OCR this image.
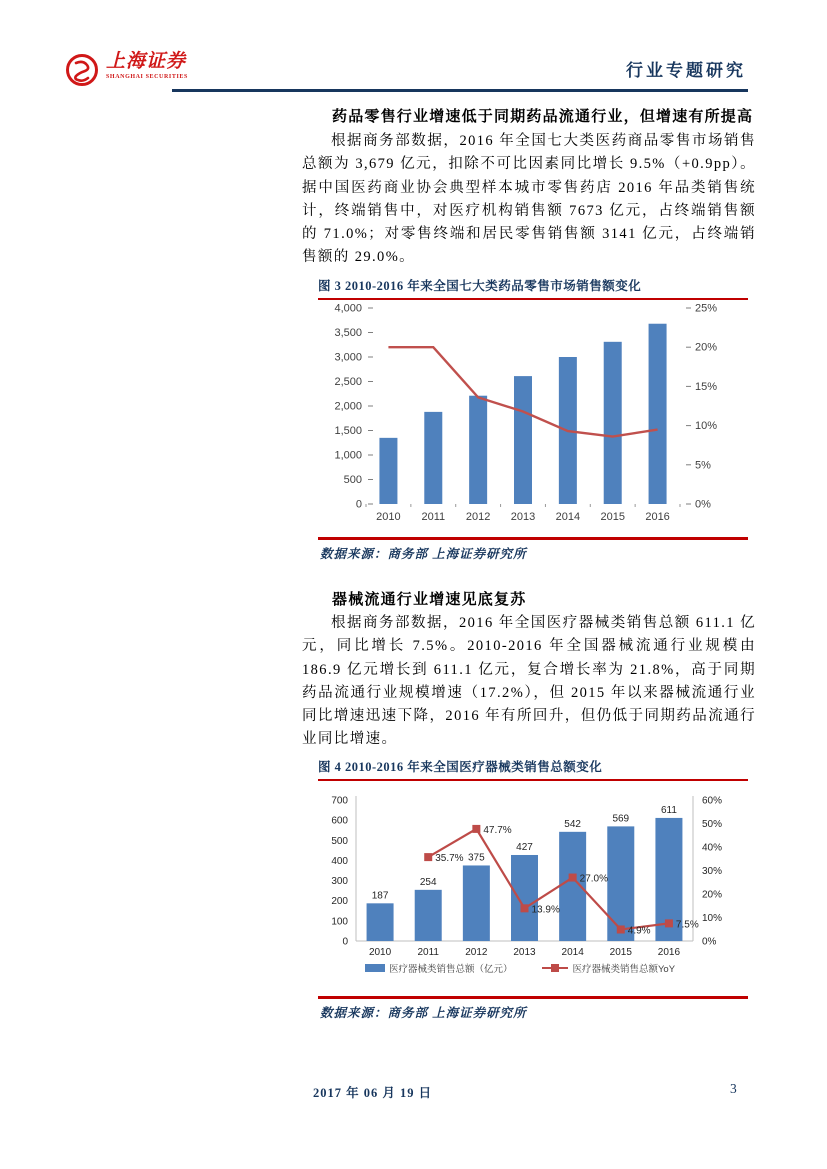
上海证券
SHANGHAI SECURITIES	行业专题研究
药品零售行业增速低于同期药品流通行业，但增速有所提高
根据商务部数据，2016 年全国七大类医药商品零售市场销售总额为 3,679 亿元，扣除不可比因素同比增长 9.5%（+0.9pp）。据中国医药商业协会典型样本城市零售药店 2016 年品类销售统计，终端销售中，对医疗机构销售额 7673 亿元，占终端销售额的 71.0%；对零售终端和居民零售销售额 3141 亿元，占终端销售额的 29.0%。
图 3 2010-2016 年来全国七大类药品零售市场销售额变化
4,000
3,500
3,000
2,500
2,000
1,500
1,000
500
0
25%
20%
15%
10%
5%
0%
2010 2011 2012 2013 2014 2015 2016
数据来源：商务部 上海证券研究所
器械流通行业增速见底复苏
根据商务部数据，2016 年全国医疗器械类销售总额 611.1 亿元，同比增长 7.5%。2010-2016 年全国器械流通行业规模由 186.9 亿元增长到 611.1 亿元，复合增长率为 21.8%，高于同期药品流通行业规模增速（17.2%），但 2015 年以来器械流通行业同比增速迅速下降，2016 年有所回升，但仍低于同期药品流通行业同比增速。
图 4 2010-2016 年来全国医疗器械类销售总额变化
700
600
500
400
300
200
100
0
60%
50%
40%
30%
20%
10%
0%
187
254
375
427
542	569
611
35.7%
47.7%
13.9%
27.0%
4.9%
7.5%
2010	2011	2012	2013	2014	2015	2016
医疗器械类销售总额（亿元）	医疗器械类销售总额YoY
数据来源：商务部 上海证券研究所
2017 年 06 月 19 日	3
